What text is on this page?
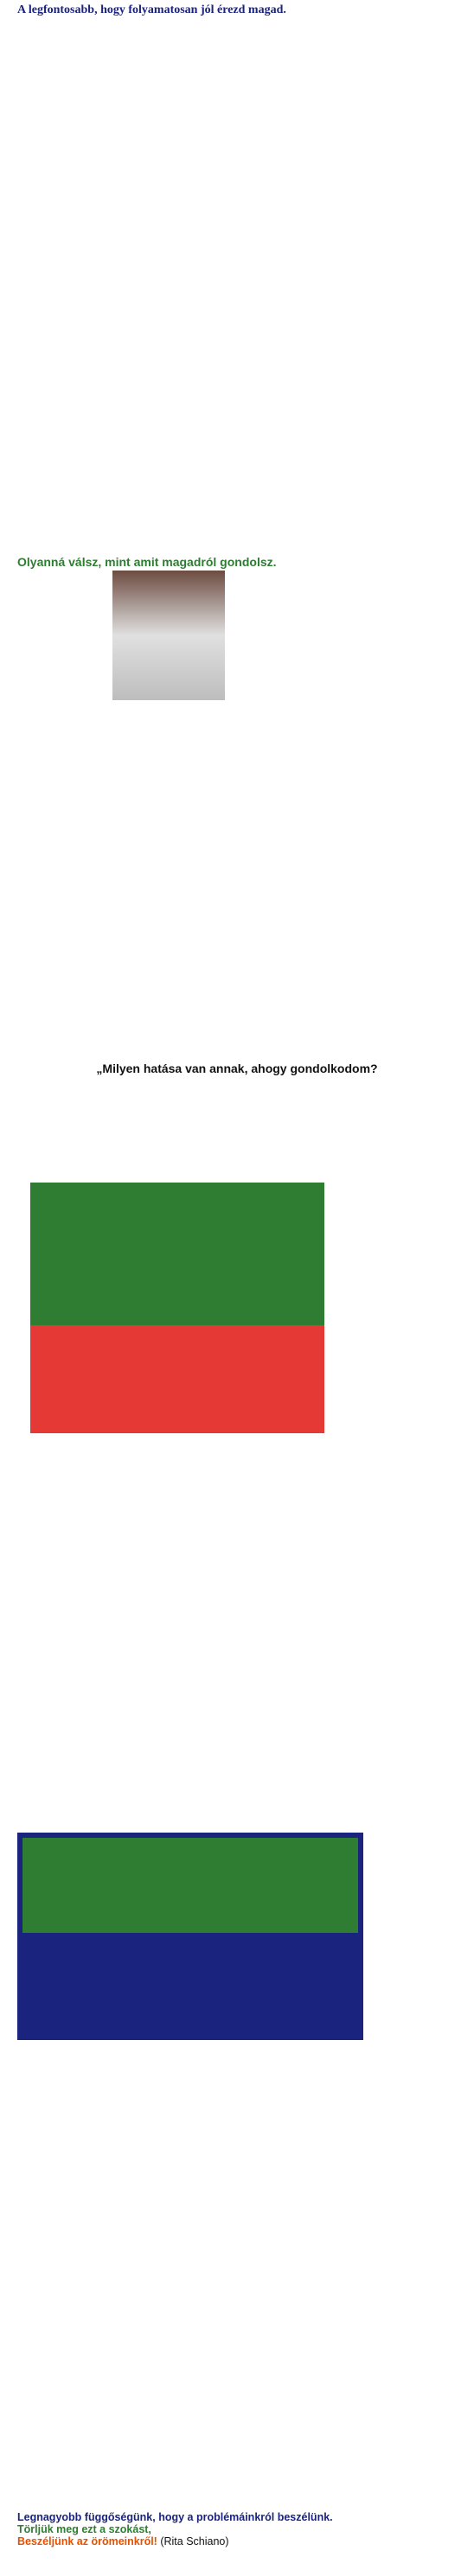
A legfontosabb, hogy folyamatosan jól érezd magad.

Olyanná válsz, mint amit magadról gondolsz.

„Milyen hatása van annak, ahogy gondolkodom?

Legnagyobb függőségünk, hogy a problémáinkról beszélünk.

Törljük meg ezt a szokást,

Beszéljünk az örömeinkről! (Rita Schiano)
